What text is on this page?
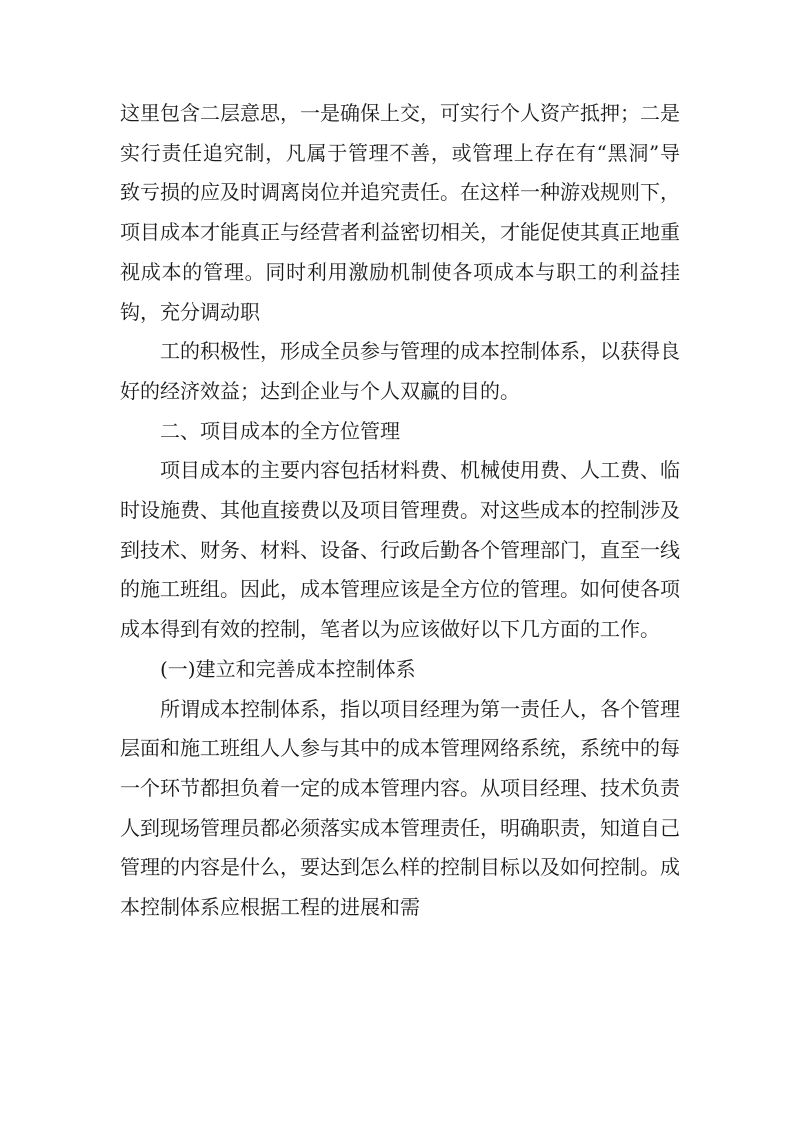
这里包含二层意思，一是确保上交，可实行个人资产抵押；二是实行责任追究制，凡属于管理不善，或管理上存在有“黑洞”导致亏损的应及时调离岗位并追究责任。在这样一种游戏规则下，项目成本才能真正与经营者利益密切相关，才能促使其真正地重视成本的管理。同时利用激励机制使各项成本与职工的利益挂钩，充分调动职

工的积极性，形成全员参与管理的成本控制体系，以获得良好的经济效益；达到企业与个人双赢的目的。

二、项目成本的全方位管理

项目成本的主要内容包括材料费、机械使用费、人工费、临时设施费、其他直接费以及项目管理费。对这些成本的控制涉及到技术、财务、材料、设备、行政后勤各个管理部门，直至一线的施工班组。因此，成本管理应该是全方位的管理。如何使各项成本得到有效的控制，笔者以为应该做好以下几方面的工作。

(一)建立和完善成本控制体系

所谓成本控制体系，指以项目经理为第一责任人，各个管理层面和施工班组人人参与其中的成本管理网络系统，系统中的每一个环节都担负着一定的成本管理内容。从项目经理、技术负责人到现场管理员都必须落实成本管理责任，明确职责，知道自己管理的内容是什么，要达到怎么样的控制目标以及如何控制。成本控制体系应根据工程的进展和需
